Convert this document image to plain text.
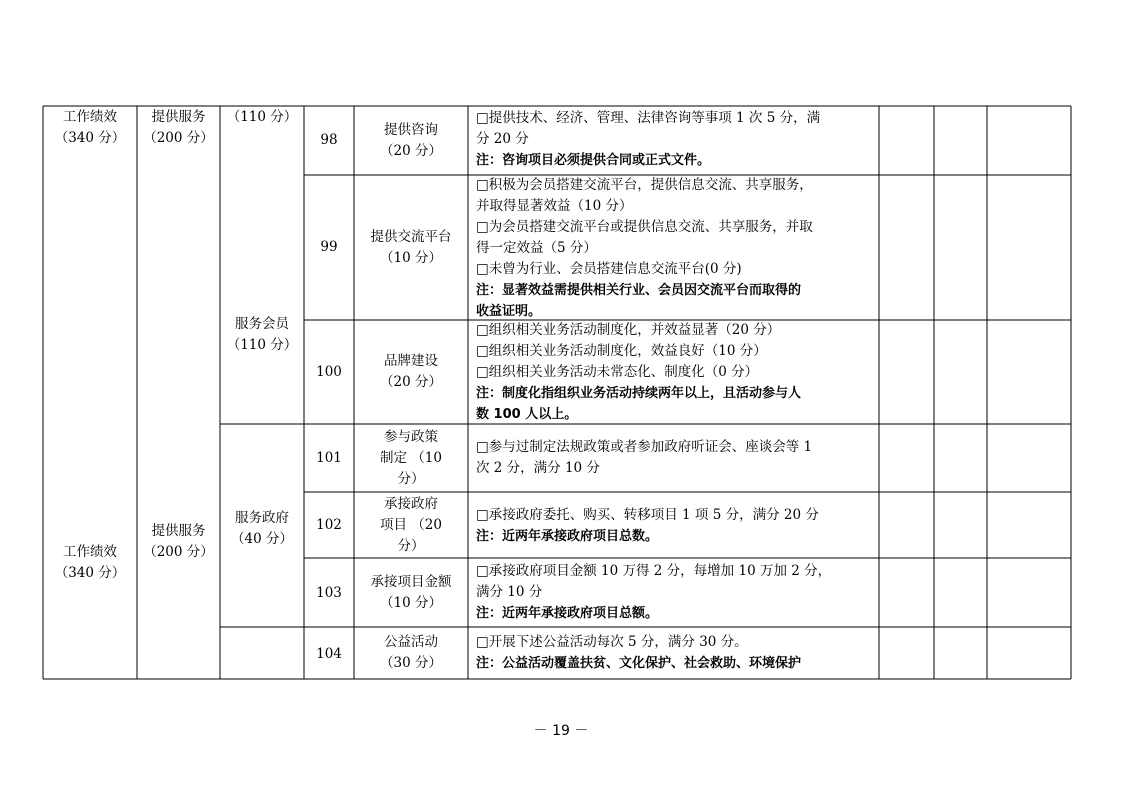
工作绩效
（340 分）
工作绩效
（340 分）
提供服务
（200 分）
提供服务
（200 分）
（110 分）
服务会员
（110 分）
服务政府
（40 分）
98
提供咨询
（20 分）
□提供技术、经济、管理、法律咨询等事项 1 次 5 分，满
分 20 分
注：咨询项目必须提供合同或正式文件。
99
提供交流平台
（10 分）
□积极为会员搭建交流平台，提供信息交流、共享服务，
并取得显著效益（10 分）
□为会员搭建交流平台或提供信息交流、共享服务，并取
得一定效益（5 分）
□未曾为行业、会员搭建信息交流平台(0 分)
注：显著效益需提供相关行业、会员因交流平台而取得的
收益证明。
100
品牌建设
（20 分）
□组织相关业务活动制度化，并效益显著（20 分）
□组织相关业务活动制度化，效益良好（10 分）
□组织相关业务活动未常态化、制度化（0 分）
注：制度化指组织业务活动持续两年以上，且活动参与人
数 100 人以上。
101
参与政策
制定 （10
分）
□参与过制定法规政策或者参加政府听证会、座谈会等 1
次 2 分，满分 10 分
102
承接政府
项目 （20
分）
□承接政府委托、购买、转移项目 1 项 5 分，满分 20 分
注：近两年承接政府项目总数。
103
承接项目金额
（10 分）
□承接政府项目金额 10 万得 2 分，每增加 10 万加 2 分，
满分 10 分
注：近两年承接政府项目总额。
104
公益活动
（30 分）
□开展下述公益活动每次 5 分，满分 30 分。
注：公益活动覆盖扶贫、文化保护、社会救助、环境保护
－ 19 －
